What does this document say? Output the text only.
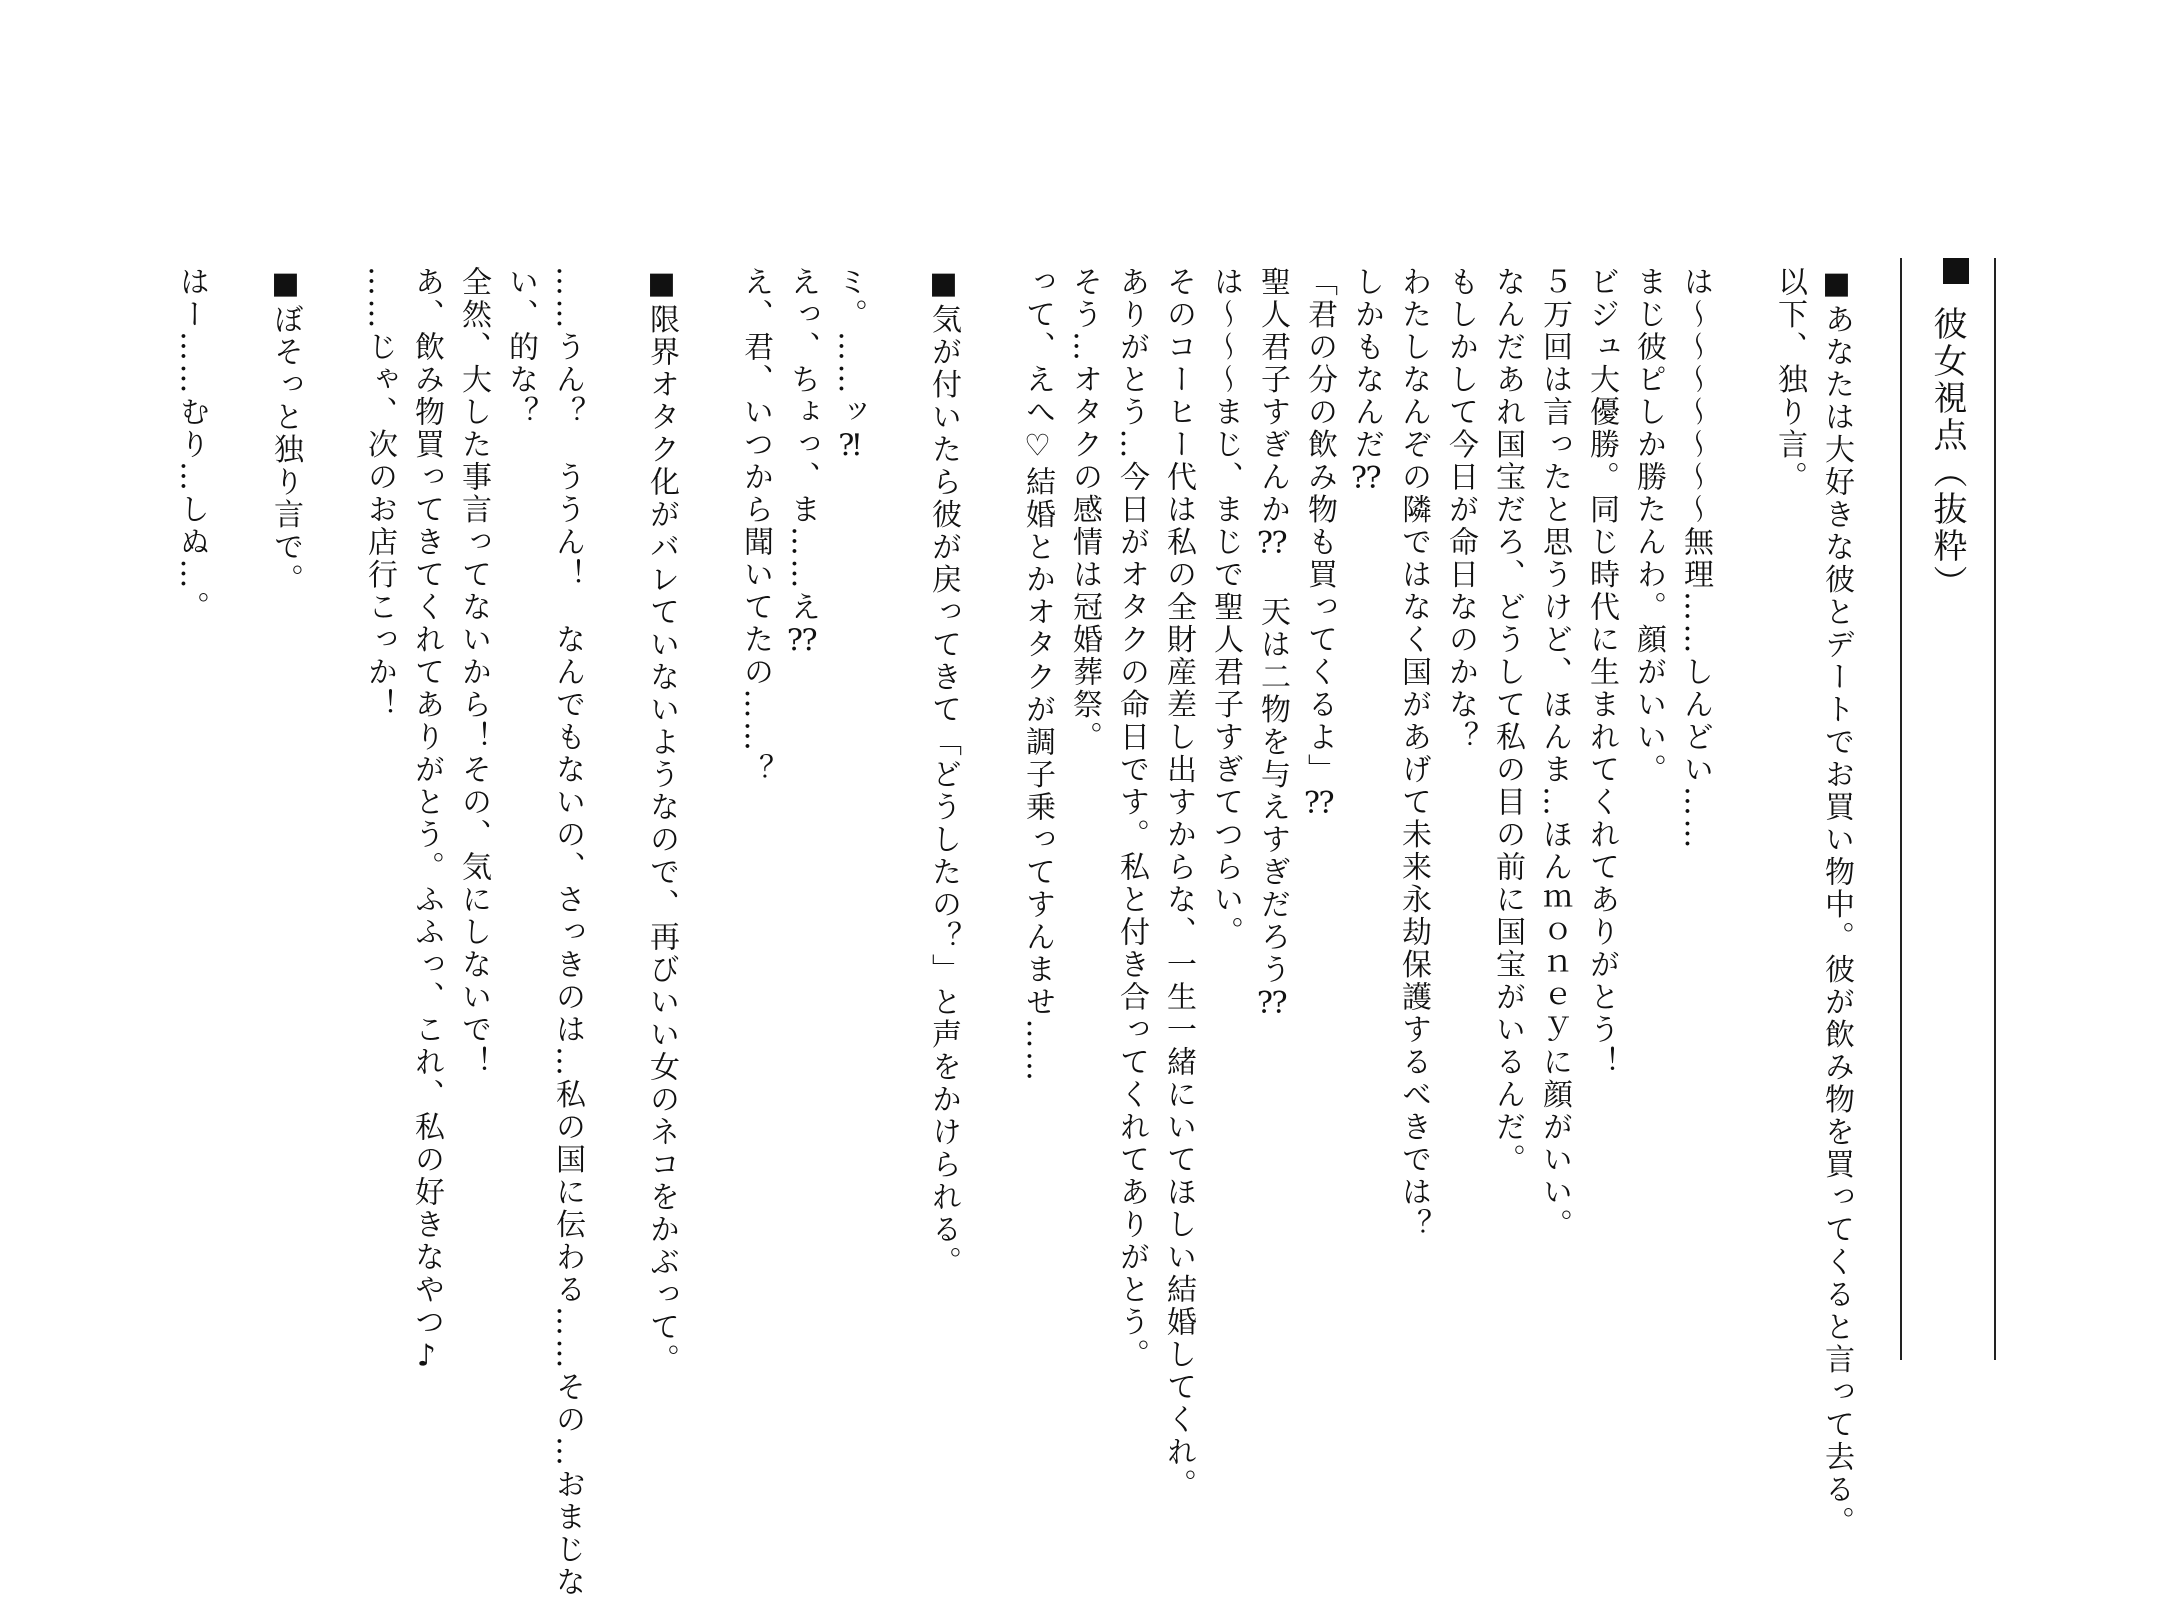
彼女視点（抜粋）
■あなたは大好きな彼とデートでお買い物中。彼が飲み物を買ってくると言って去る。
以下、独り言。

は～～～～～～～無理……しんどい……
まじ彼ピしか勝たんわ。顔がいい。
ビジュ大優勝。同じ時代に生まれてくれてありがとう！
５万回は言ったと思うけど、ほんま…ほんｍｏｎｅｙに顔がいい。
なんだあれ国宝だろ、どうして私の目の前に国宝がいるんだ。
もしかして今日が命日なのかな？
わたしなんぞの隣ではなく国があげて未来永劫保護するべきでは？
しかもなんだ⁇
「君の分の飲み物も買ってくるよ」⁇
聖人君子すぎんか⁇　天は二物を与えすぎだろう⁇
は～～～まじ、まじで聖人君子すぎてつらい。
そのコーヒー代は私の全財産差し出すからな、一生一緒にいてほしい結婚してくれ。
ありがとう…今日がオタクの命日です。私と付き合ってくれてありがとう。
そう…オタクの感情は冠婚葬祭。
って、えへ♡結婚とかオタクが調子乗ってすんませ……

■気が付いたら彼が戻ってきて「どうしたの？」と声をかけられる。

ミ。……ッ⁈
えっ、ちょっ、ま……え⁇
え、君、いつから聞いてたの……？

■限界オタク化がバレていないようなので、再びいい女のネコをかぶって。

……うん？　ううん！　なんでもないの、さっきのは…私の国に伝わる……その…おまじな
い、的な？
全然、大した事言ってないから！その、気にしないで！
あ、飲み物買ってきてくれてありがとう。ふふっ、これ、私の好きなやつ♪
……じゃ、次のお店行こっか！

■ぼそっと独り言で。

はー……むり…しぬ…。
